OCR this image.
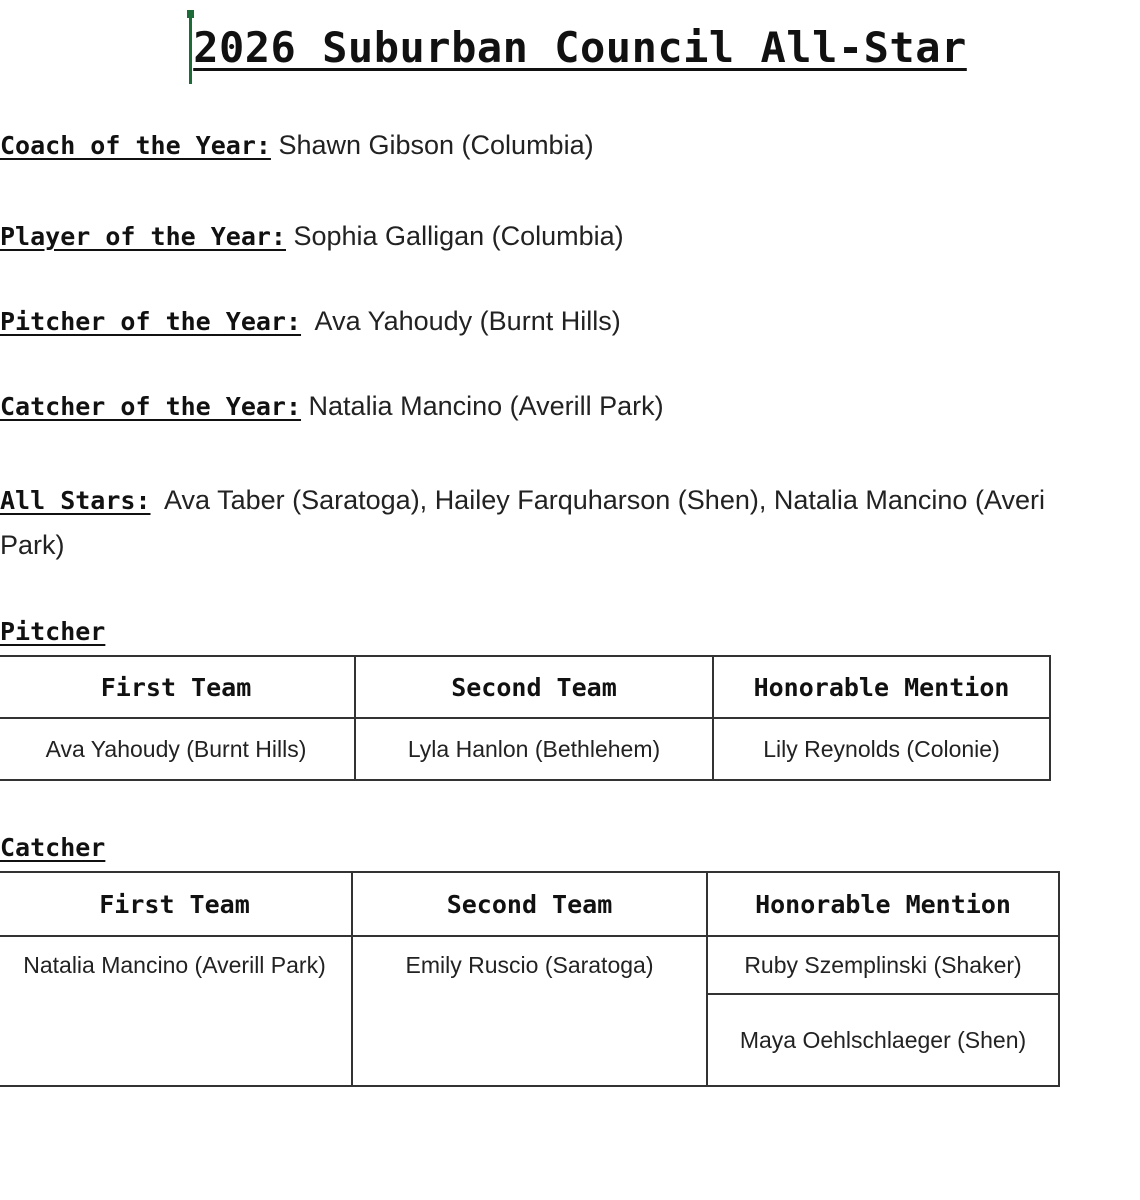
2026 Suburban Council All-Star
Coach of the Year: Shawn Gibson (Columbia)
Player of the Year: Sophia Galligan (Columbia)
Pitcher of the Year:  Ava Yahoudy (Burnt Hills)
Catcher of the Year: Natalia Mancino (Averill Park)
All Stars:  Ava Taber (Saratoga), Hailey Farquharson (Shen), Natalia Mancino (Averi
Park)
Pitcher
First Team	Second Team	Honorable Mention
Ava Yahoudy (Burnt Hills)	Lyla Hanlon (Bethlehem)	Lily Reynolds (Colonie)
Catcher
First Team	Second Team	Honorable Mention
Natalia Mancino (Averill Park)	Emily Ruscio (Saratoga)	Ruby Szemplinski (Shaker)
		Maya Oehlschlaeger (Shen)
